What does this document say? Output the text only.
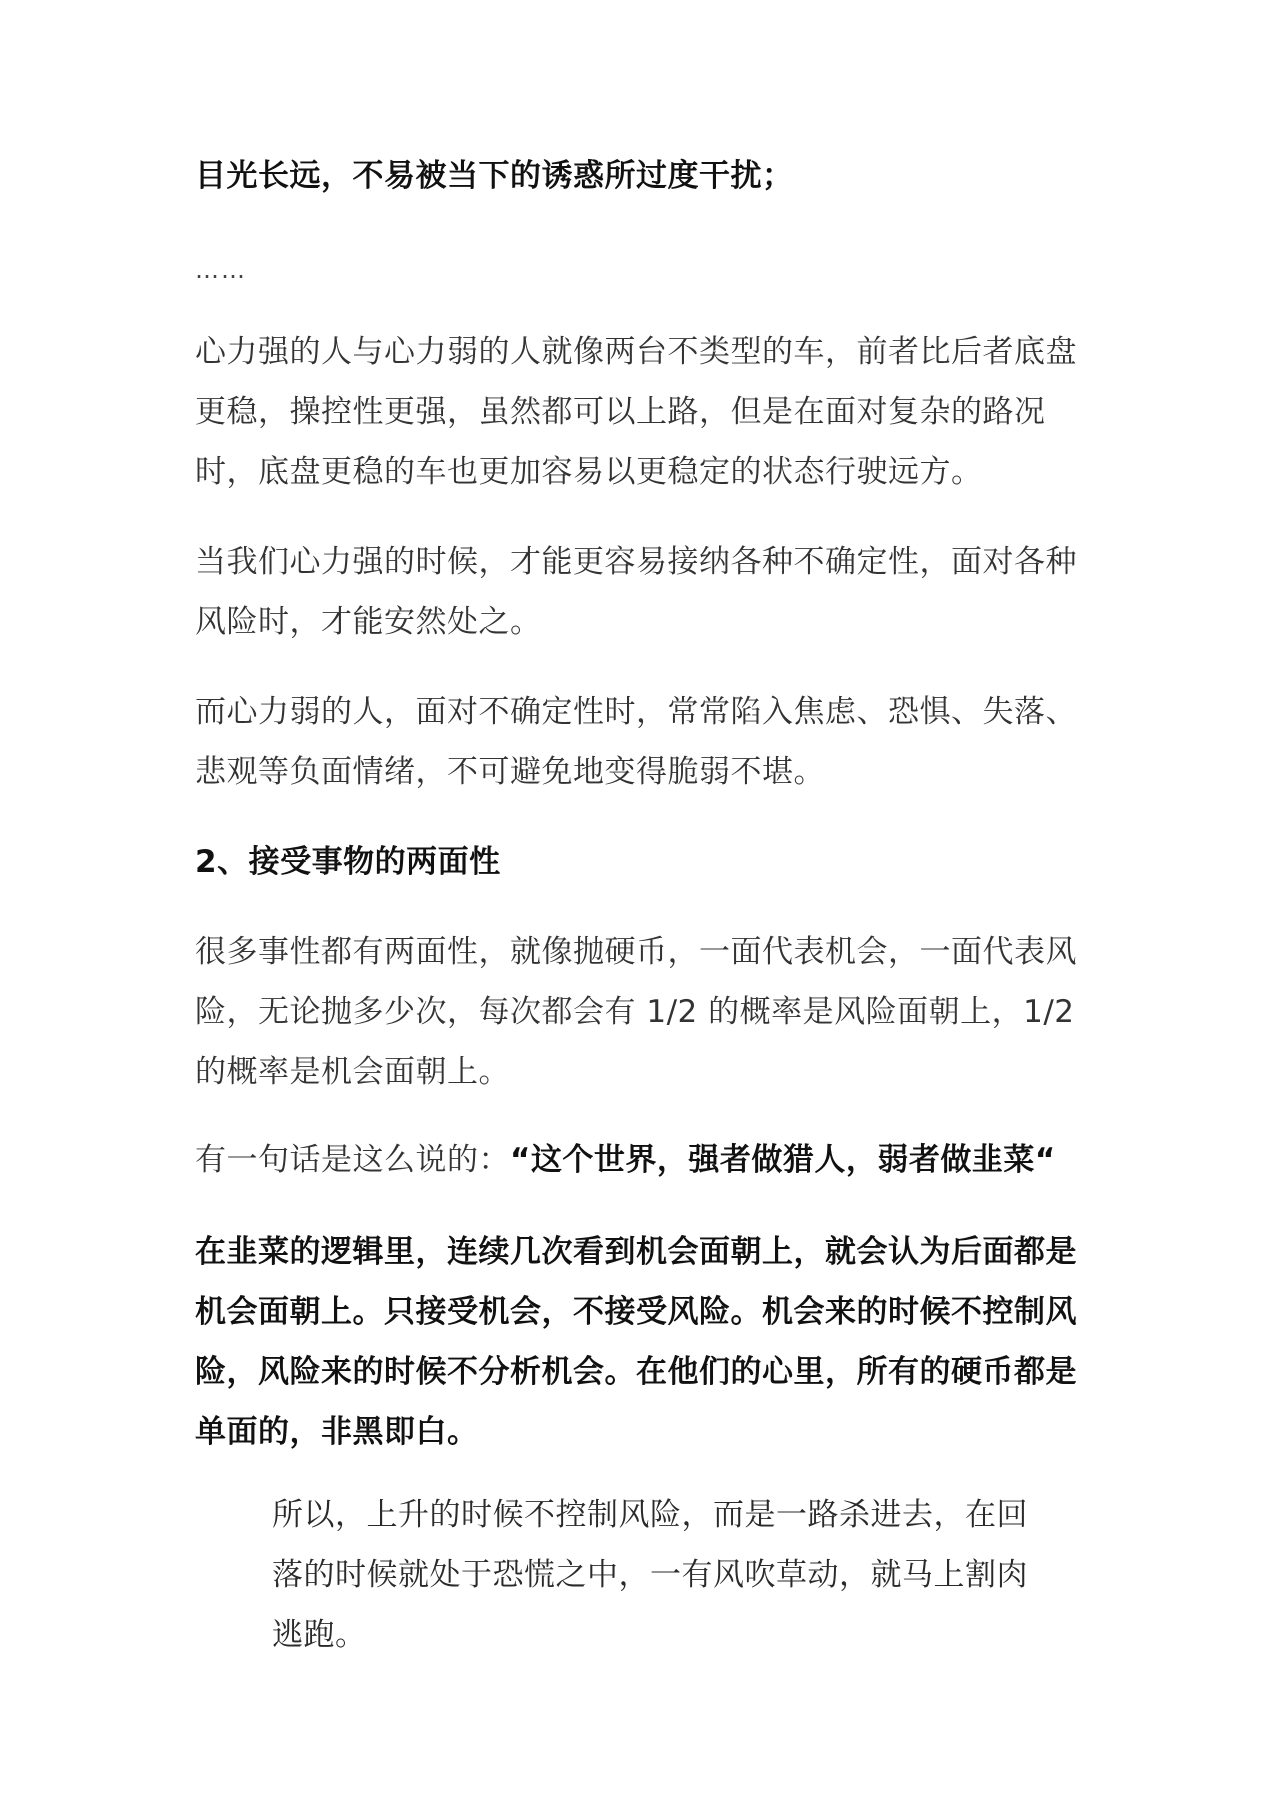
目光长远，不易被当下的诱惑所过度干扰；

……

心力强的人与心力弱的人就像两台不类型的车，前者比后者底盘更稳，操控性更强，虽然都可以上路，但是在面对复杂的路况时，底盘更稳的车也更加容易以更稳定的状态行驶远方。

当我们心力强的时候，才能更容易接纳各种不确定性，面对各种风险时，才能安然处之。

而心力弱的人，面对不确定性时，常常陷入焦虑、恐惧、失落、悲观等负面情绪，不可避免地变得脆弱不堪。

2、接受事物的两面性

很多事性都有两面性，就像抛硬币，一面代表机会，一面代表风险，无论抛多少次，每次都会有 1/2 的概率是风险面朝上，1/2 的概率是机会面朝上。

有一句话是这么说的：“这个世界，强者做猎人，弱者做韭菜“

在韭菜的逻辑里，连续几次看到机会面朝上，就会认为后面都是机会面朝上。只接受机会，不接受风险。机会来的时候不控制风险，风险来的时候不分析机会。在他们的心里，所有的硬币都是单面的，非黑即白。

所以，上升的时候不控制风险，而是一路杀进去，在回落的时候就处于恐慌之中，一有风吹草动，就马上割肉逃跑。
